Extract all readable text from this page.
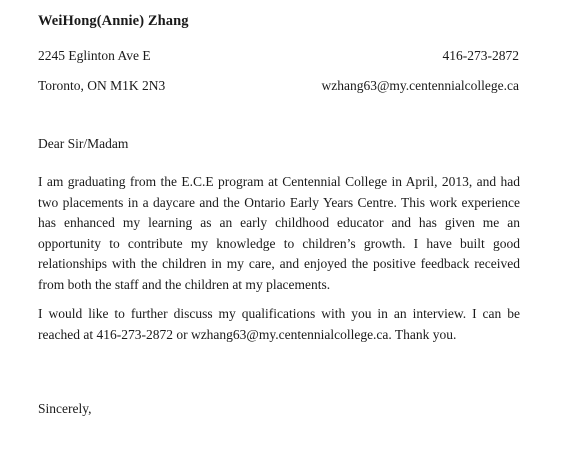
WeiHong(Annie) Zhang
2245 Eglinton Ave E	416-273-2872
Toronto, ON M1K 2N3	wzhang63@my.centennialcollege.ca
Dear Sir/Madam

I am graduating from the E.C.E program at Centennial College in April, 2013, and had two placements in a daycare and the Ontario Early Years Centre. This work experience has enhanced my learning as an early childhood educator and has given me an opportunity to contribute my knowledge to children’s growth. I have built good relationships with the children in my care, and enjoyed the positive feedback received from both the staff and the children at my placements.

I would like to further discuss my qualifications with you in an interview. I can be reached at 416-273-2872 or wzhang63@my.centennialcollege.ca. Thank you.

Sincerely,
